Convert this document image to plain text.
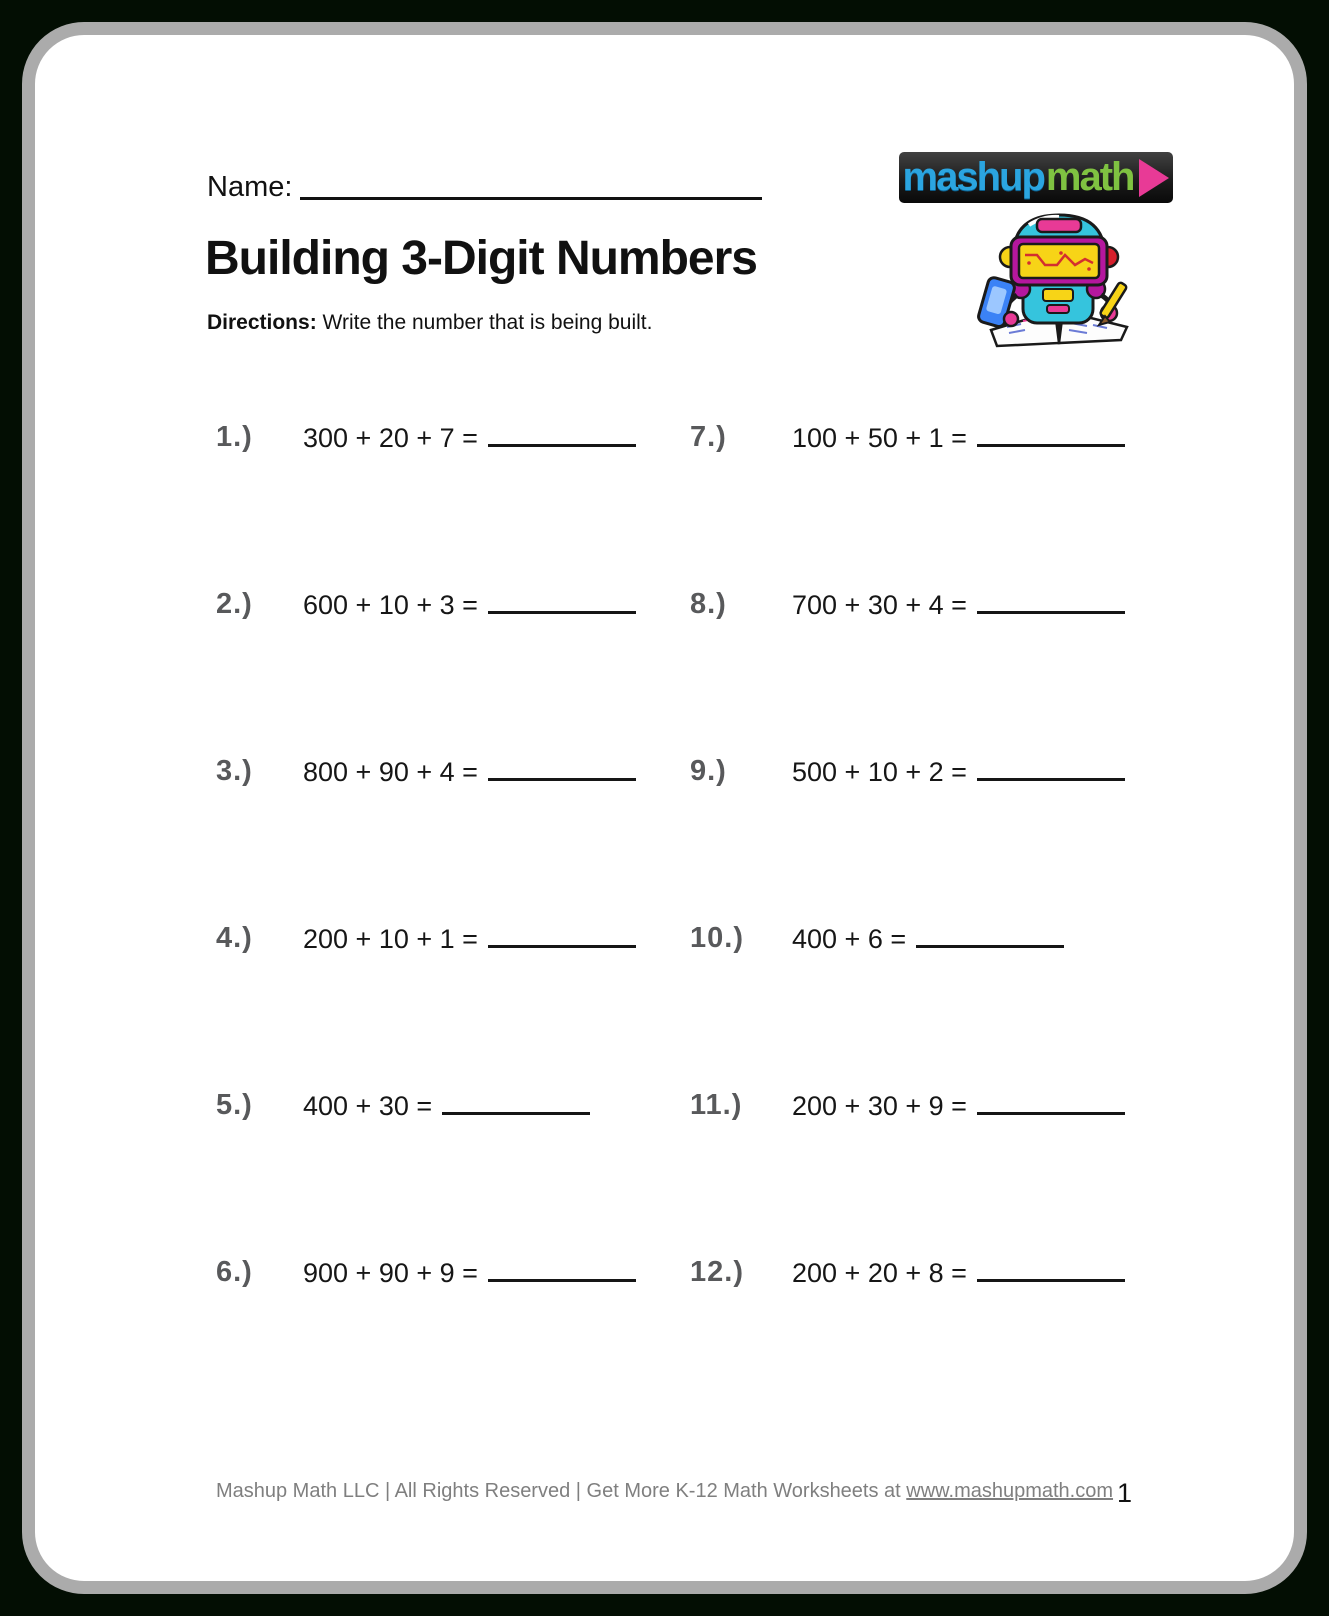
Name:	mashup math
Building 3-Digit Numbers
Directions: Write the number that is being built.
1.) 300 + 20 + 7 =	7.) 100 + 50 + 1 =
2.) 600 + 10 + 3 =	8.) 700 + 30 + 4 =
3.) 800 + 90 + 4 =	9.) 500 + 10 + 2 =
4.) 200 + 10 + 1 =	10.) 400 + 6 =
5.) 400 + 30 =	11.) 200 + 30 + 9 =
6.) 900 + 90 + 9 =	12.) 200 + 20 + 8 =
Mashup Math LLC | All Rights Reserved | Get More K-12 Math Worksheets at www.mashupmath.com 1
